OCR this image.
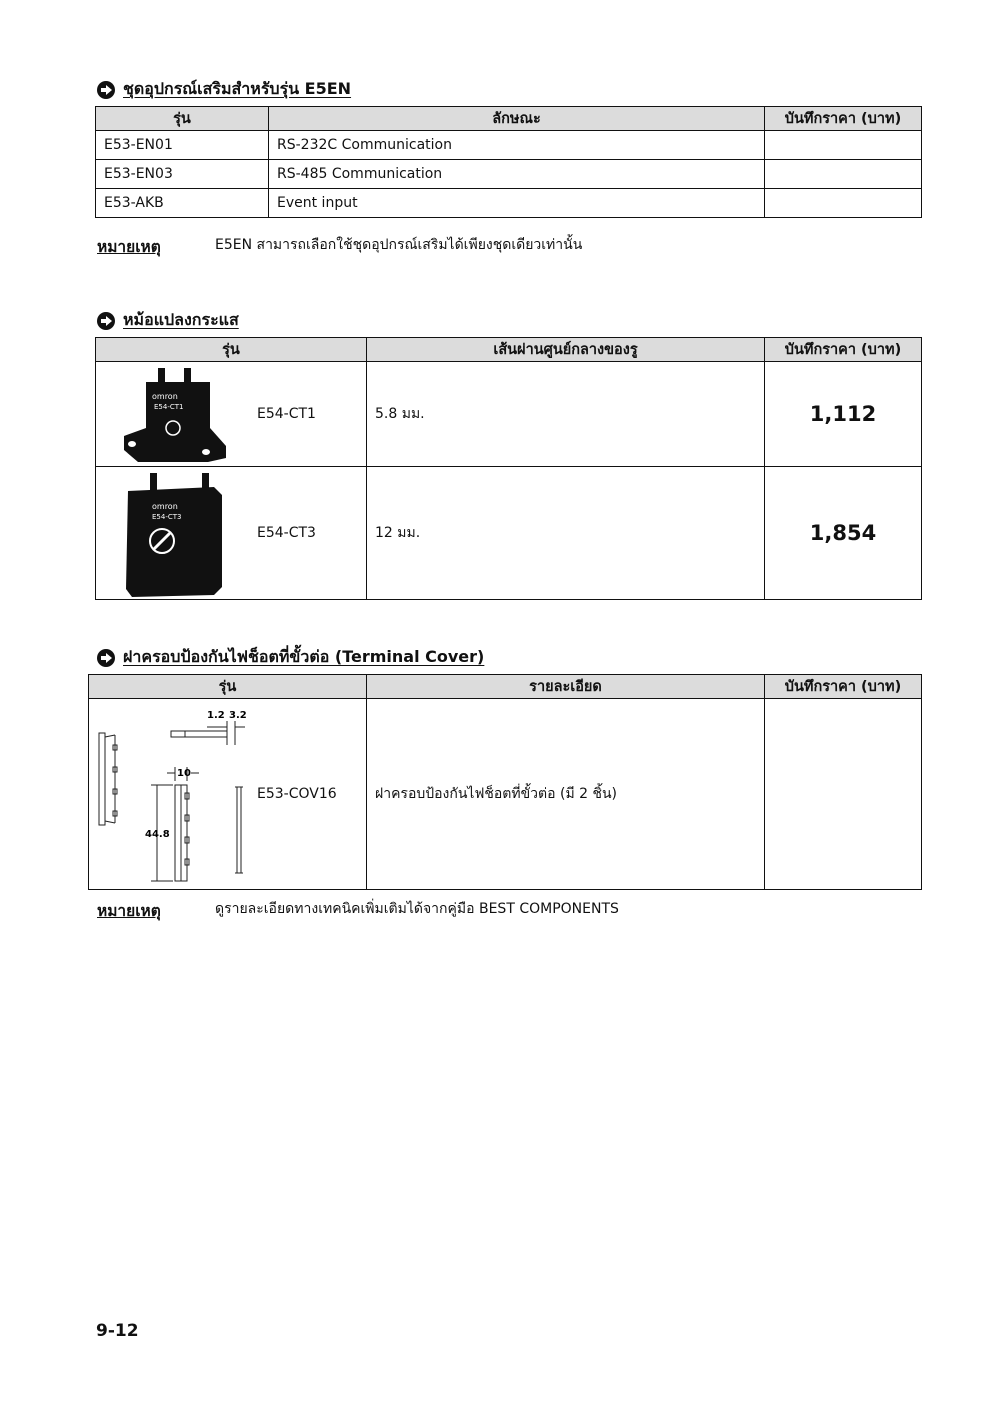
ชุดอุปกรณ์เสริมสำหรับรุ่น E5EN
รุ่น	ลักษณะ	บันทึกราคา (บาท)
E53-EN01	RS-232C Communication	
E53-EN03	RS-485 Communication	
E53-AKB	Event input	
หมายเหตุ	E5EN สามารถเลือกใช้ชุดอุปกรณ์เสริมได้เพียงชุดเดียวเท่านั้น
หม้อแปลงกระแส
รุ่น	เส้นผ่านศูนย์กลางของรู	บันทึกราคา (บาท)

omron
E54-CT1 E54-CT1	5.8 มม.	1,112

omron
E54-CT3
E54-CT3	12 มม.	1,854
ฝาครอบป้องกันไฟช็อตที่ขั้วต่อ (Terminal Cover)
รุ่น	รายละเอียด	บันทึกราคา (บาท)

1.2 3.2
10
44.8
E53-COV16	ฝาครอบป้องกันไฟช็อตที่ขั้วต่อ (มี 2 ชิ้น)	
หมายเหตุ	ดูรายละเอียดทางเทคนิคเพิ่มเติมได้จากคู่มือ BEST COMPONENTS
9-12
